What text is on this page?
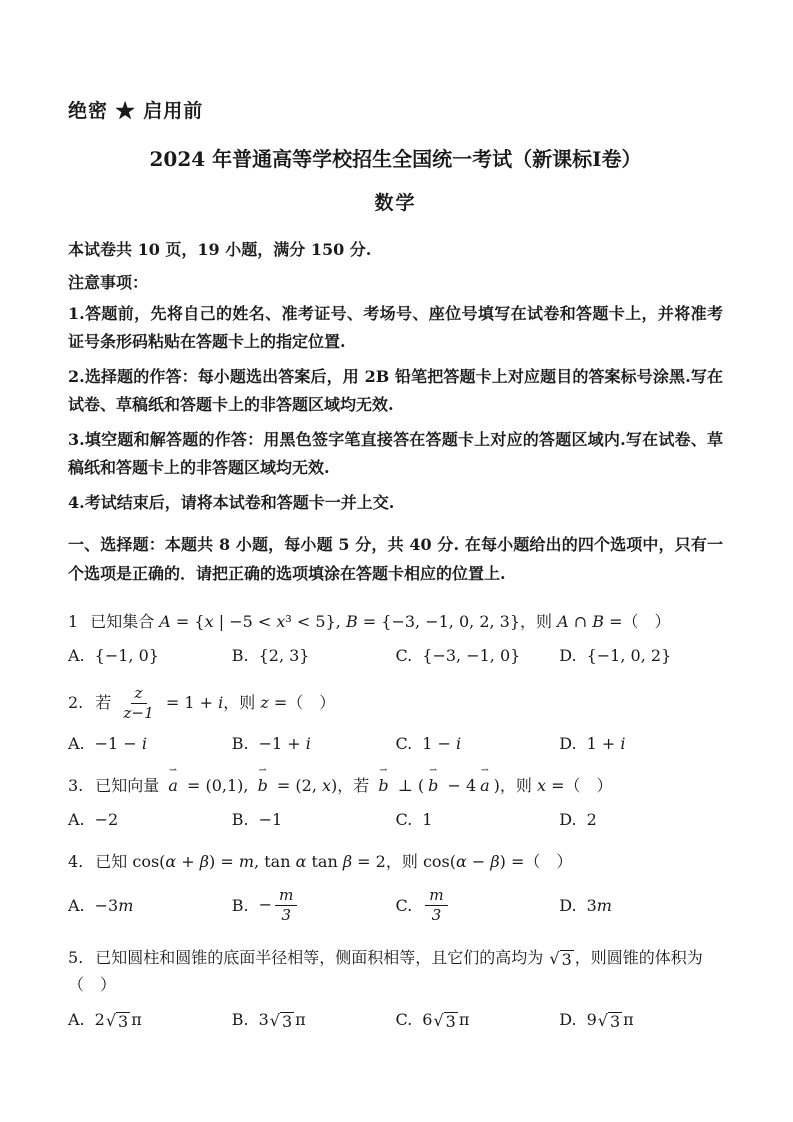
绝密 ★ 启用前
2024 年普通高等学校招生全国统一考试（新课标I卷）
数学

本试卷共 10 页，19 小题，满分 150 分.

注意事项：

1.答题前，先将自己的姓名、准考证号、考场号、座位号填写在试卷和答题卡上，并将准考证号条形码粘贴在答题卡上的指定位置.

2.选择题的作答：每小题选出答案后，用 2B 铅笔把答题卡上对应题目的答案标号涂黑.写在试卷、草稿纸和答题卡上的非答题区域均无效.

3.填空题和解答题的作答：用黑色签字笔直接答在答题卡上对应的答题区域内.写在试卷、草稿纸和答题卡上的非答题区域均无效.

4.考试结束后，请将本试卷和答题卡一并上交.

一、选择题：本题共 8 小题，每小题 5 分，共 40 分. 在每小题给出的四个选项中，只有一个选项是正确的．请把正确的选项填涂在答题卡相应的位置上.

1 已知集合 A = {x | −5 < x³ < 5}, B = {−3, −1, 0, 2, 3}，则 A ∩ B =（　）
A. {−1, 0}	B. {2, 3}	C. {−3, −1, 0} D. {−1, 0, 2}
2. 若 $\frac{z}{z-1} = 1 + i$，则 z =（　）
A. −1 − i	B. −1 + i	C. 1 − i	D. 1 + i
3. 已知向量
⇀
a = (0,1),
⇀
b = (2, x)，若
⇀
b ⊥ (
⇀
b − 4
⇀
a )，则 x =（　）
A. −2	B. −1	C. 1	D. 2
4. 已知 cos(α + β) = m, tan α tan β = 2，则 cos(α − β) =（　）
A. −3m	B. − $\frac{m}{3}$	C. $\frac{m}{3}$	D. 3m
5. 已知圆柱和圆锥的底面半径相等，侧面积相等，且它们的高均为 √ 3 ，则圆锥的体积为（　）
A. 2 √ 3 π	B. 3 √ 3 π	C. 6 √ 3 π	D. 9 √ 3 π
